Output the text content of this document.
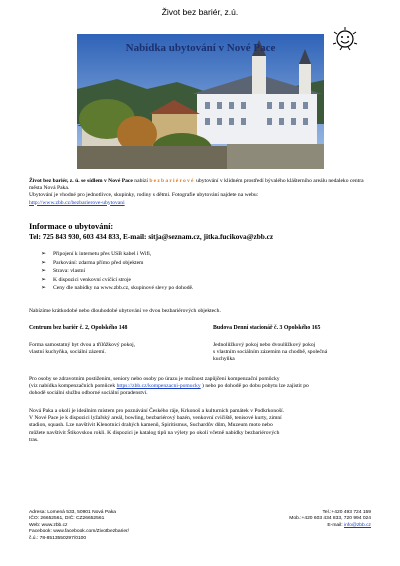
Život bez bariér, z.ú.
Nabídka ubytování v Nové Pace
Život bez bariér, z. ú. se sídlem v Nové Pace nabízí bezbariérové ubytování v klidném prostředí bývalého klášterního areálu nedaleko centra města Nová Paka.
Ubytování je vhodné pro jednotlivce, skupinky, rodiny s dětmi. Fotografie ubytování najdete na webu:
http://www.zbb.cz/bezbarierove-ubytovani
Informace o ubytování:
Tel: 725 843 930, 603 434 833, E-mail: sitja@seznam.cz, jitka.fucikova@zbb.cz
➢ Připojení k internetu přes USB kabel i Wifi,
➢ Parkování: zdarma přímo před objektem
➢ Strava: vlastní
➢ K dispozici venkovní cvičící stroje
➢ Ceny dle nabídky na www.zbb.cz, skupinové slevy po dohodě.
Nabízíme krátkodobé nebo dlouhodobé ubytování ve dvou bezbariérových objektech.
Centrum bez bariér č. 2, Opolského 148	Budova Denní stacionář č. 3 Opolského 165
Forma samostatný byt dvou a třílůžkový pokoj,
vlastní kuchyňka, sociální zázemí.
Jednolůžkový pokoj nebo dvoulůžkový pokoj
s vlastním sociálním zázemím na chodbě, společná
kuchyňka
Pro osoby se zdravotním postižením, seniory nebo osoby po úrazu je možnost zapůjčení kompenzační pomůcky
(viz nabídka kompenzačních pomůcek https://zbb.cz/kompenzacni-pomucky ) nebo po dohodě po dobu pobytu lze zajistit po
dohodě sociální službu odborné sociální poradenství.
Nová Paka a okolí je ideálním místem pro poznávání Českého ráje, Krkonoš a kulturních památek v Podkrkonoší.
V Nové Pace je k dispozici lyžařský areál, bowling, bezbariérový bazén, venkovní cvičiště, tenisové kurty, zimní
stadion, squash. Lze navštívit Klenotnici drahých kamenů, Spiritismus, Suchardův dům, Muzeum moto nebo
můžete navštívit Štikovskou rokli. K dispozici je katalog tipů na výlety po okolí včetně nabídky bezbariérových
tras.
Adresa: Lomená 533, 50901 Nová Paka
IČO: 26652561, DIČ: CZ26652561
Web: www.zbb.cz
Facebook: www.facebook.com/Zivotbezbarier/
č.ú.: 78-8513550297/0100
Tel.:+420 493 724 159
Mob.:+420 603 434 833, 720 994 024
E-mail: info@zbb.cz
